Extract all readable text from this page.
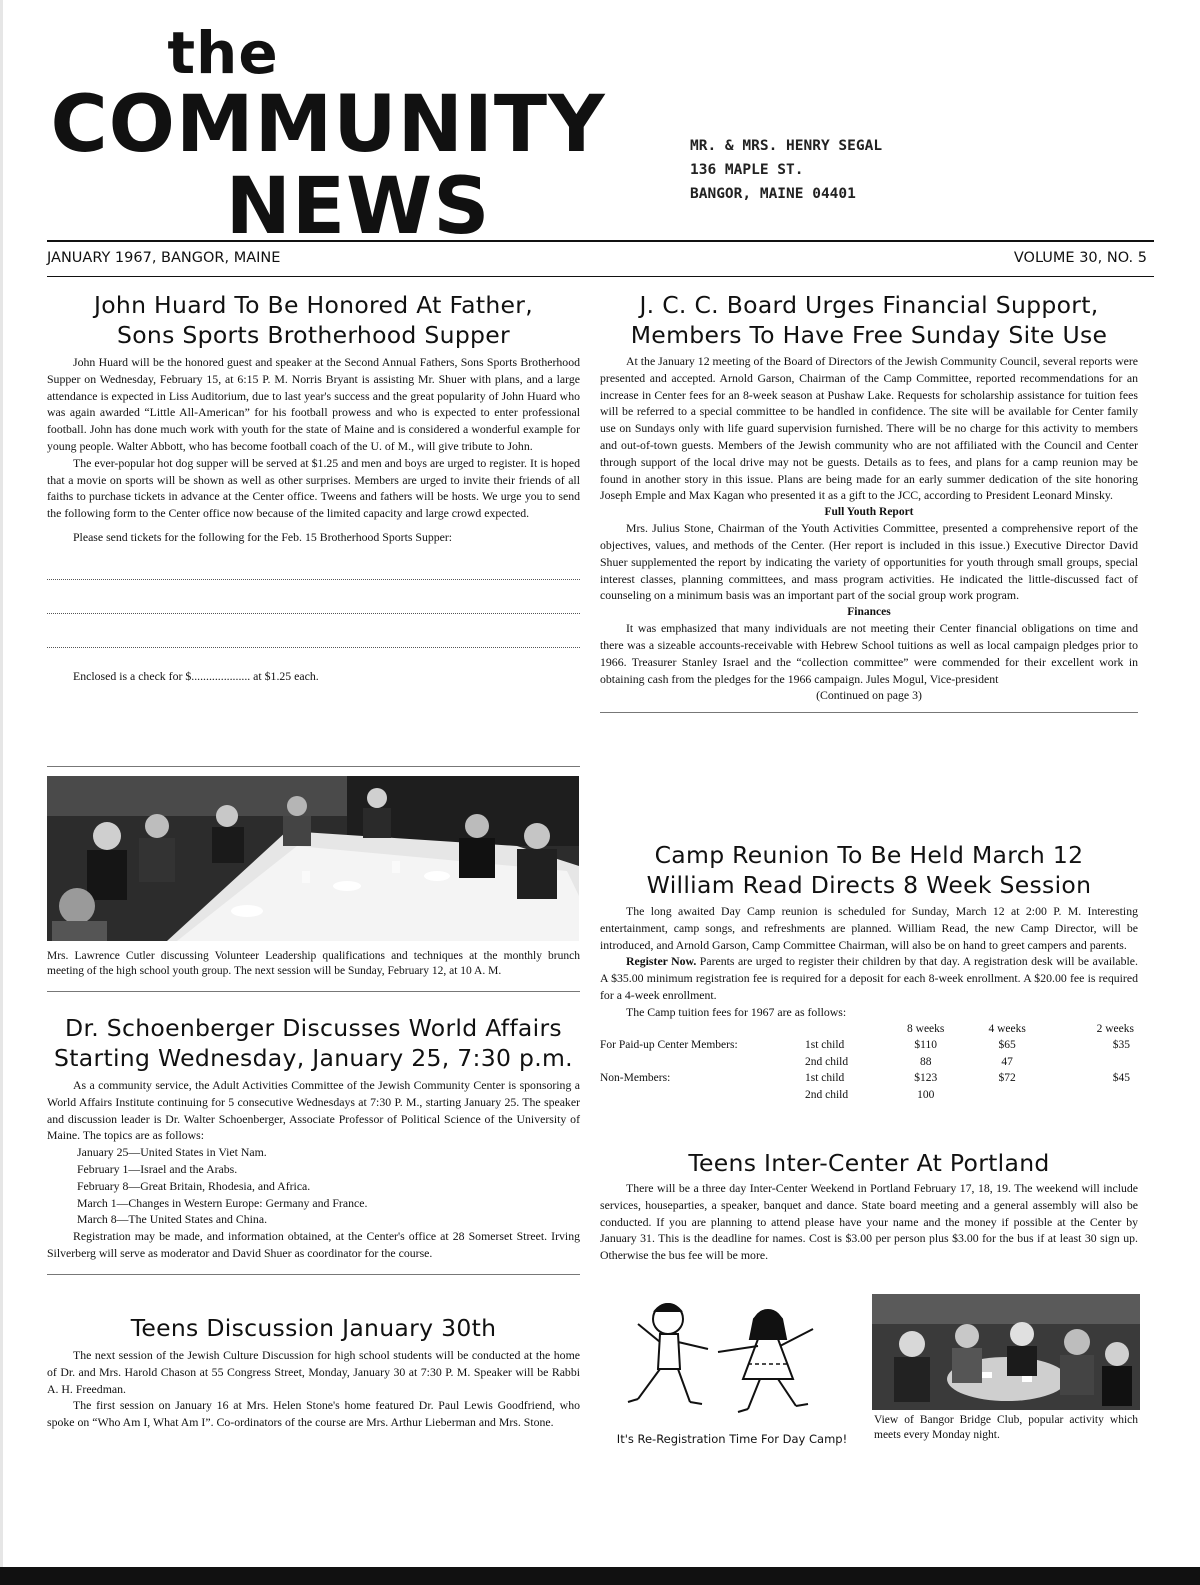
the
COMMUNITY
NEWS
MR. & MRS. HENRY SEGAL
136 MAPLE ST.
BANGOR, MAINE 04401
JANUARY 1967, BANGOR, MAINE	VOLUME 30, NO. 5
John Huard To Be Honored At Father,
Sons Sports Brotherhood Supper

John Huard will be the honored guest and speaker at the Second Annual Fathers, Sons Sports Brotherhood Supper on Wednesday, February 15, at 6:15 P. M. Norris Bryant is assisting Mr. Shuer with plans, and a large attendance is expected in Liss Auditorium, due to last year's success and the great popularity of John Huard who was again awarded “Little All-American” for his football prowess and who is expected to enter professional football. John has done much work with youth for the state of Maine and is considered a wonderful example for young people. Walter Abbott, who has become football coach of the U. of M., will give tribute to John.

The ever-popular hot dog supper will be served at $1.25 and men and boys are urged to register. It is hoped that a movie on sports will be shown as well as other surprises. Members are urged to invite their friends of all faiths to purchase tickets in advance at the Center office. Tweens and fathers will be hosts. We urge you to send the following form to the Center office now because of the limited capacity and large crowd expected.

Please send tickets for the following for the Feb. 15 Brotherhood Sports Supper:

Enclosed is a check for $.................... at $1.25 each.

Mrs. Lawrence Cutler discussing Volunteer Leadership qualifications and techniques at the monthly brunch meeting of the high school youth group. The next session will be Sunday, February 12, at 10 A. M.
Dr. Schoenberger Discusses World Affairs
Starting Wednesday, January 25, 7:30 p.m.

As a community service, the Adult Activities Committee of the Jewish Community Center is sponsoring a World Affairs Institute continuing for 5 consecutive Wednesdays at 7:30 P. M., starting January 25. The speaker and discussion leader is Dr. Walter Schoenberger, Associate Professor of Political Science of the University of Maine. The topics are as follows:

January 25—United States in Viet Nam.
February 1—Israel and the Arabs.
February 8—Great Britain, Rhodesia, and Africa.
March 1—Changes in Western Europe: Germany and France.
March 8—The United States and China.

Registration may be made, and information obtained, at the Center's office at 28 Somerset Street. Irving Silverberg will serve as moderator and David Shuer as coordinator for the course.

Teens Discussion January 30th

The next session of the Jewish Culture Discussion for high school students will be conducted at the home of Dr. and Mrs. Harold Chason at 55 Congress Street, Monday, January 30 at 7:30 P. M. Speaker will be Rabbi A. H. Freedman.

The first session on January 16 at Mrs. Helen Stone's home featured Dr. Paul Lewis Goodfriend, who spoke on “Who Am I, What Am I”. Co-ordinators of the course are Mrs. Arthur Lieberman and Mrs. Stone.

J. C. C. Board Urges Financial Support,
Members To Have Free Sunday Site Use

At the January 12 meeting of the Board of Directors of the Jewish Community Council, several reports were presented and accepted. Arnold Garson, Chairman of the Camp Committee, reported recommendations for an increase in Center fees for an 8-week season at Pushaw Lake. Requests for scholarship assistance for tuition fees will be referred to a special committee to be handled in confidence. The site will be available for Center family use on Sundays only with life guard supervision furnished. There will be no charge for this activity to members and out-of-town guests. Members of the Jewish community who are not affiliated with the Council and Center through support of the local drive may not be guests. Details as to fees, and plans for a camp reunion may be found in another story in this issue. Plans are being made for an early summer dedication of the site honoring Joseph Emple and Max Kagan who presented it as a gift to the JCC, according to President Leonard Minsky.

Full Youth Report

Mrs. Julius Stone, Chairman of the Youth Activities Committee, presented a comprehensive report of the objectives, values, and methods of the Center. (Her report is included in this issue.) Executive Director David Shuer supplemented the report by indicating the variety of opportunities for youth through small groups, special interest classes, planning committees, and mass program activities. He indicated the little-discussed fact of counseling on a minimum basis was an important part of the social group work program.

Finances

It was emphasized that many individuals are not meeting their Center financial obligations on time and there was a sizeable accounts-receivable with Hebrew School tuitions as well as local campaign pledges prior to 1966. Treasurer Stanley Israel and the “collection committee” were commended for their excellent work in obtaining cash from the pledges for the 1966 campaign. Jules Mogul, Vice-president

(Continued on page 3)

Camp Reunion To Be Held March 12
William Read Directs 8 Week Session

The long awaited Day Camp reunion is scheduled for Sunday, March 12 at 2:00 P. M. Interesting entertainment, camp songs, and refreshments are planned. William Read, the new Camp Director, will be introduced, and Arnold Garson, Camp Committee Chairman, will also be on hand to greet campers and parents.

Register Now. Parents are urged to register their children by that day. A registration desk will be available. A $35.00 minimum registration fee is required for a deposit for each 8-week enrollment. A $20.00 fee is required for a 4-week enrollment.

The Camp tuition fees for 1967 are as follows:

		8 weeks	4 weeks	2 weeks
For Paid-up Center Members:	1st child	$110	$65	$35
	2nd child	88	47	
Non-Members:	1st child	$123	$72	$45
	2nd child	100		
Teens Inter-Center At Portland

There will be a three day Inter-Center Weekend in Portland February 17, 18, 19. The weekend will include services, houseparties, a speaker, banquet and dance. State board meeting and a general assembly will also be conducted. If you are planning to attend please have your name and the money if possible at the Center by January 31. This is the deadline for names. Cost is $3.00 per person plus $3.00 for the bus if at least 30 sign up. Otherwise the bus fee will be more.

It's Re-Registration Time For Day Camp!
View of Bangor Bridge Club, popular activity which meets every Monday night.
